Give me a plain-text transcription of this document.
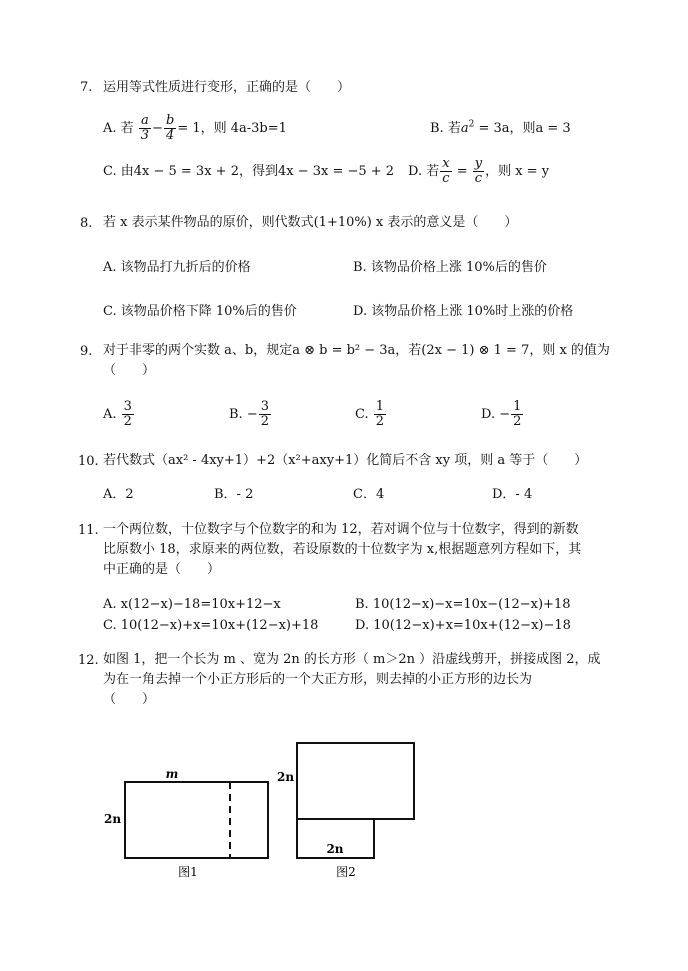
7. 运用等式性质进行变形，正确的是（　　）
A. 若 $\frac{a}{3} - \frac{b}{4} = 1$，则 4a-3b=1	B. 若$a^2 = 3a$，则a = 3
C. 由4x − 5 = 3x + 2，得到4x − 3x = −5 + 2 D. 若 $\frac{x}{c} = \frac{y}{c}$ ，则 x = y
8. 若 x 表示某件物品的原价，则代数式(1+10%) x 表示的意义是（　　）
A. 该物品打九折后的价格	B. 该物品价格上涨 10%后的售价
C. 该物品价格下降 10%后的售价	D. 该物品价格上涨 10%时上涨的价格
9. 对于非零的两个实数 a、b，规定a ⊗ b = b² − 3a，若(2x − 1) ⊗ 1 = 7，则 x 的值为
（　　）
A. $\frac{3}{2}$	B. − $\frac{3}{2}$	C. $\frac{1}{2}$	D. − $\frac{1}{2}$
10. 若代数式（ax² - 4xy+1）+2（x²+axy+1）化简后不含 xy 项，则 a 等于（　　）
A．2	B．- 2	C．4	D．- 4
11. 一个两位数，十位数字与个位数字的和为 12，若对调个位与十位数字，得到的新数
比原数小 18，求原来的两位数，若设原数的十位数字为 x,根据题意列方程如下，其
中正确的是（　　）
A. x(12−x)−18=10x+12−x	B. 10(12−x)−x=10x−(12−x)+18
C. 10(12−x)+x=10x+(12−x)+18	D. 10(12−x)+x=10x+(12−x)−18
12. 如图 1，把一个长为 m 、宽为 2n 的长方形（ m＞2n ）沿虚线剪开，拼接成图 2，成
为在一角去掉一个小正方形后的一个大正方形，则去掉的小正方形的边长为
（　　）
m
2n
图1
2n
2n
图2
